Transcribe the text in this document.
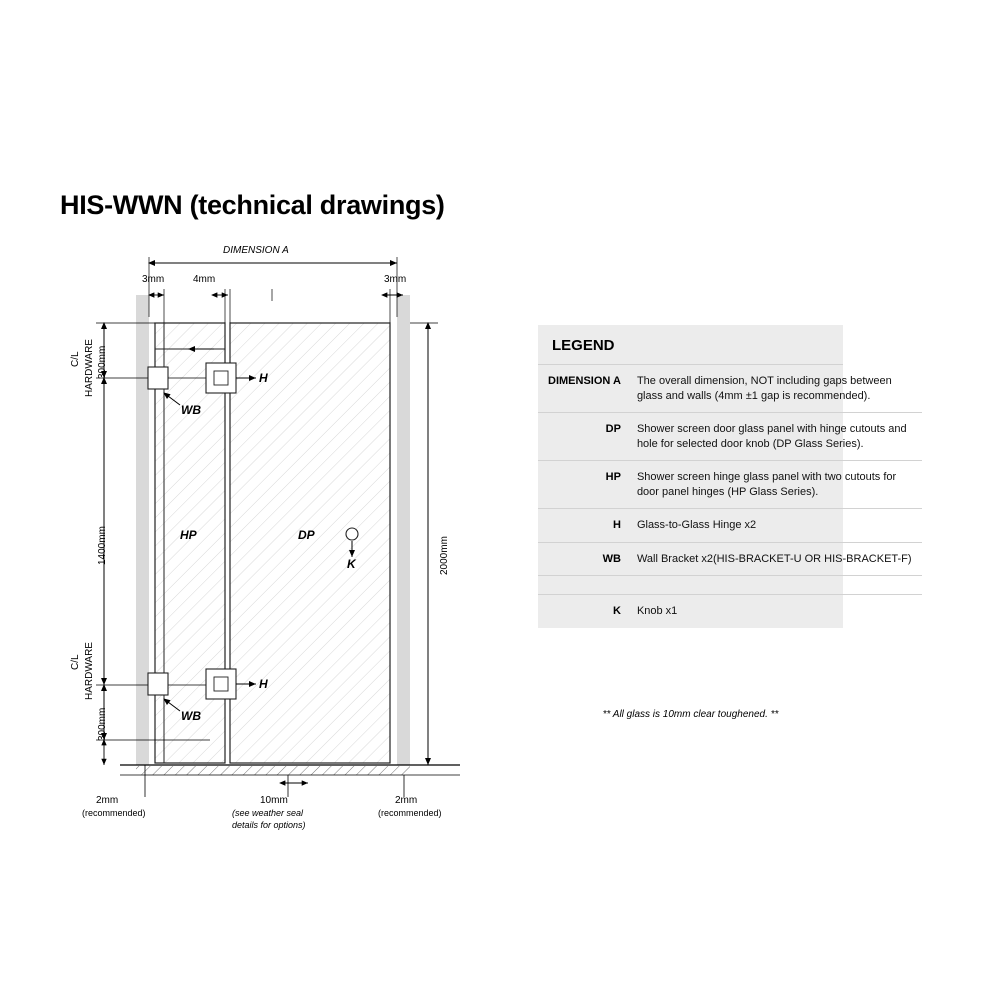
HIS-WWN (technical drawings)
DIMENSION A
3mm	4mm	3mm
2000mm
C/L HARDWARE 300mm
1400mm
C/L HARDWARE
300mm
HP	DP
H
WB
H
WB
K
2mm
(recommended)
10mm
(see weather seal
details for options)
2mm
(recommended)
LEGEND
DIMENSION A	The overall dimension, NOT including gaps between glass and walls (4mm ±1 gap is recommended).
DP	Shower screen door glass panel with hinge cutouts and hole for selected door knob (DP Glass Series).
HP	Shower screen hinge glass panel with two cutouts for door panel hinges (HP Glass Series).
H	Glass-to-Glass Hinge x2
WB	Wall Bracket x2(HIS-BRACKET-U OR HIS-BRACKET-F)

K	Knob x1
** All glass is 10mm clear toughened. **
